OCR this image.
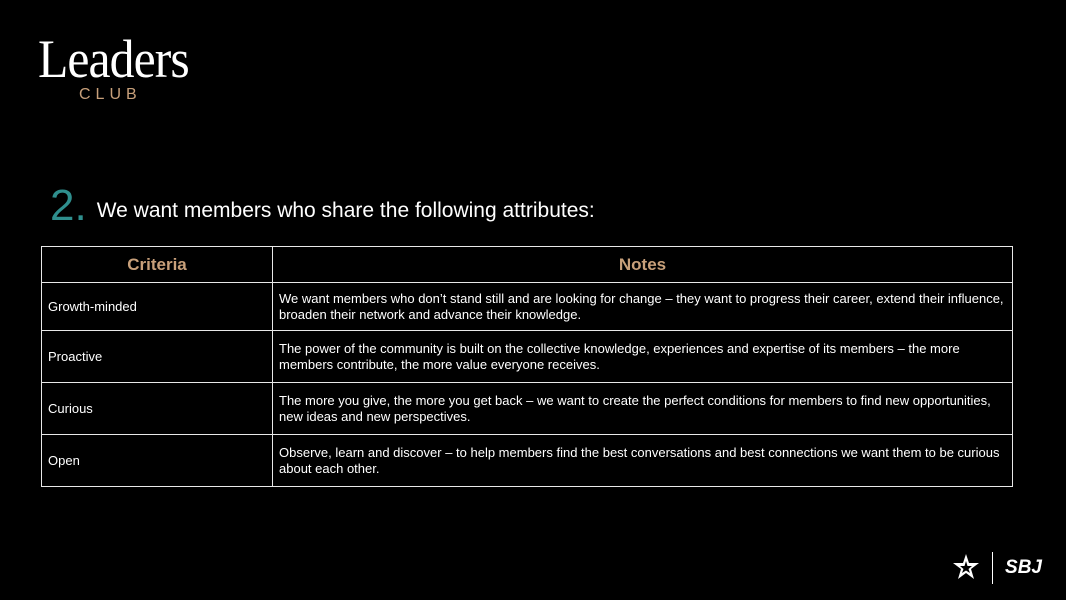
Leaders
CLUB
2. We want members who share the following attributes:
Criteria	Notes
Growth-minded	We want members who don’t stand still and are looking for change – they want to progress their career, extend their influence, broaden their network and advance their knowledge.
Proactive	The power of the community is built on the collective knowledge, experiences and expertise of its members – the more members contribute, the more value everyone receives.
Curious	The more you give, the more you get back – we want to create the perfect conditions for members to find new opportunities, new ideas and new perspectives.
Open	Observe, learn and discover – to help members find the best conversations and best connections we want them to be curious about each other.
SBJ
